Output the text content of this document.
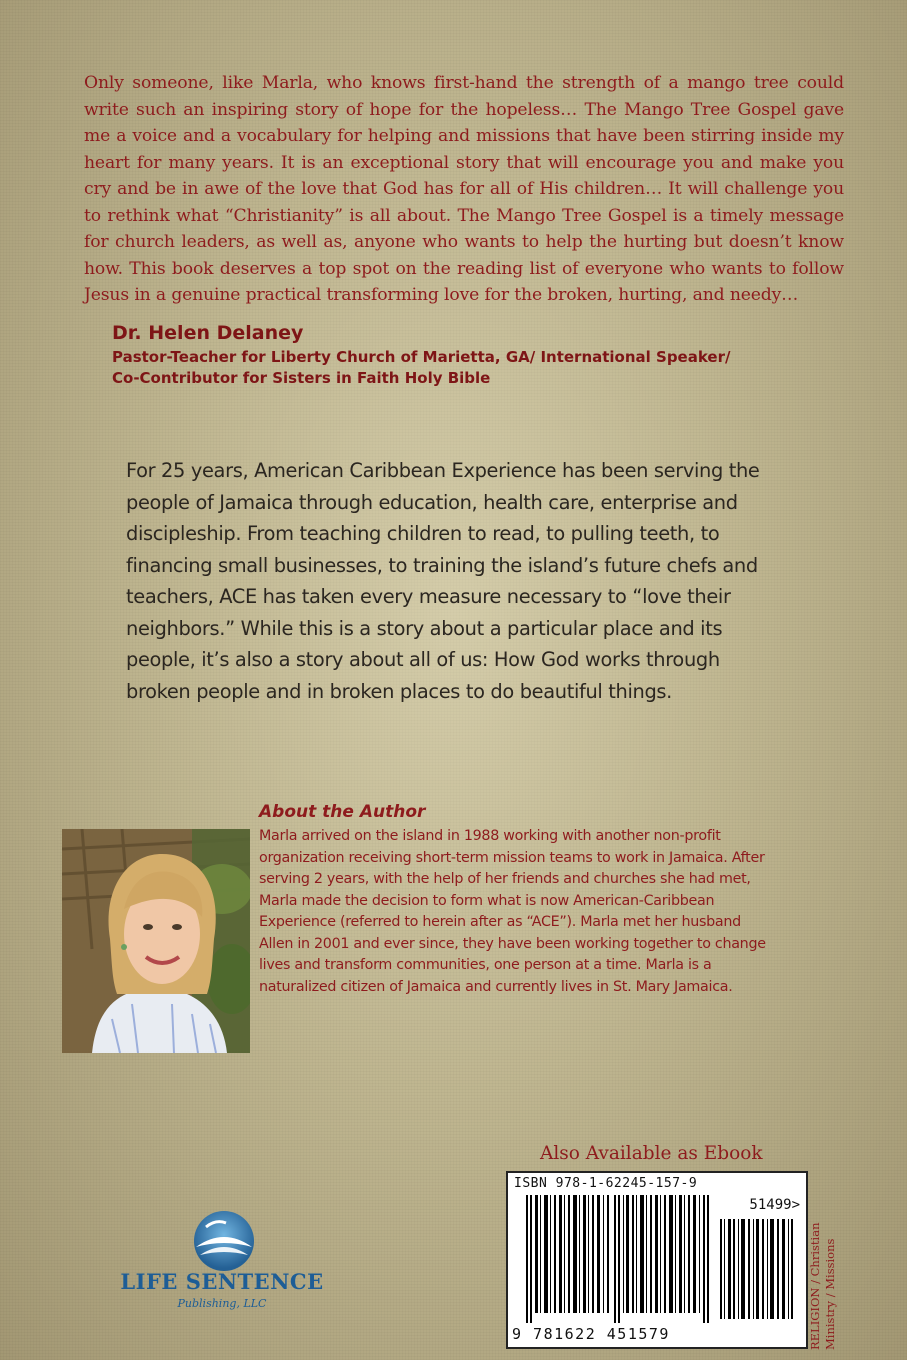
Only someone, like Marla, who knows first-hand the strength of a mango tree could write such an inspiring story of hope for the hopeless… The Mango Tree Gospel gave me a voice and a vocabulary for helping and missions that have been stirring inside my heart for many years. It is an exceptional story that will encourage you and make you cry and be in awe of the love that God has for all of His children… It will challenge you to rethink what “Christianity” is all about. The Mango Tree Gospel is a timely message for church leaders, as well as, anyone who wants to help the hurting but doesn’t know how. This book deserves a top spot on the reading list of everyone who wants to follow Jesus in a genuine practical transforming love for the broken, hurting, and needy…
Dr. Helen Delaney
Pastor-Teacher for Liberty Church of Marietta, GA/ International Speaker/
Co-Contributor for Sisters in Faith Holy Bible
For 25 years, American Caribbean Experience has been serving the people of Jamaica through education, health care, enterprise and discipleship. From teaching children to read, to pulling teeth, to financing small businesses, to training the island’s future chefs and teachers, ACE has taken every measure necessary to “love their neighbors.” While this is a story about a particular place and its people, it’s also a story about all of us: How God works through broken people and in broken places to do beautiful things.
About the Author
Marla arrived on the island in 1988 working with another non-profit organization receiving short-term mission teams to work in Jamaica. After serving 2 years, with the help of her friends and churches she had met, Marla made the decision to form what is now American-Caribbean Experience (referred to herein after as “ACE”). Marla met her husband Allen in 2001 and ever since, they have been working together to change lives and transform communities, one person at a time. Marla is a naturalized citizen of Jamaica and currently lives in St. Mary Jamaica.
Also Available as Ebook
ISBN 978-1-62245-157-9
51499>
9 781622 451579	RELIGION / Christian Ministry / Missions
LIFE SENTENCE
Publishing, LLC
